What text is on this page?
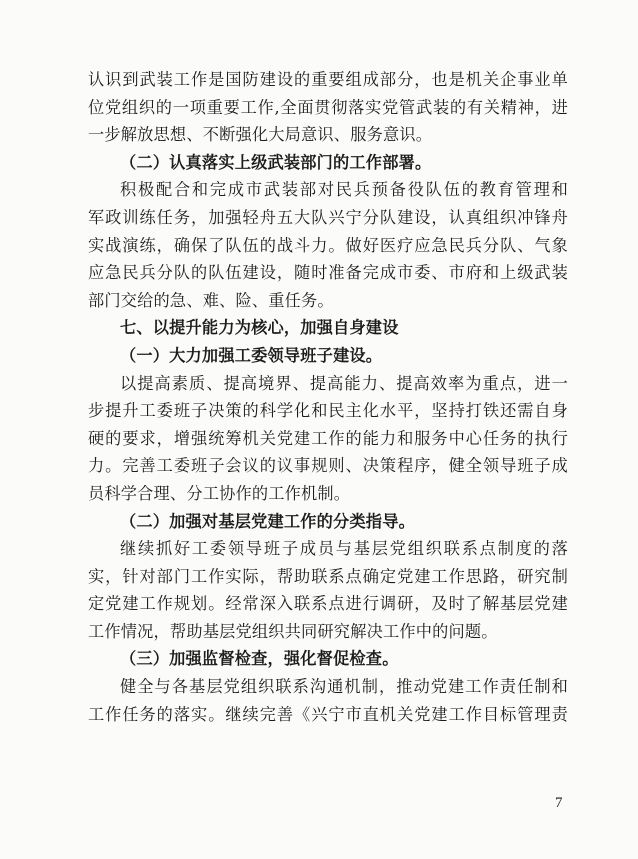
认识到武装工作是国防建设的重要组成部分，也是机关企事业单
位党组织的一项重要工作,全面贯彻落实党管武装的有关精神，进
一步解放思想、不断强化大局意识、服务意识。
（二）认真落实上级武装部门的工作部署。
积极配合和完成市武装部对民兵预备役队伍的教育管理和
军政训练任务，加强轻舟五大队兴宁分队建设，认真组织冲锋舟
实战演练，确保了队伍的战斗力。做好医疗应急民兵分队、气象
应急民兵分队的队伍建设，随时准备完成市委、市府和上级武装
部门交给的急、难、险、重任务。
七、以提升能力为核心，加强自身建设
（一）大力加强工委领导班子建设。
以提高素质、提高境界、提高能力、提高效率为重点，进一
步提升工委班子决策的科学化和民主化水平，坚持打铁还需自身
硬的要求，增强统筹机关党建工作的能力和服务中心任务的执行
力。完善工委班子会议的议事规则、决策程序，健全领导班子成
员科学合理、分工协作的工作机制。
（二）加强对基层党建工作的分类指导。
继续抓好工委领导班子成员与基层党组织联系点制度的落
实，针对部门工作实际，帮助联系点确定党建工作思路，研究制
定党建工作规划。经常深入联系点进行调研，及时了解基层党建
工作情况，帮助基层党组织共同研究解决工作中的问题。
（三）加强监督检查，强化督促检查。
健全与各基层党组织联系沟通机制，推动党建工作责任制和
工作任务的落实。继续完善《兴宁市直机关党建工作目标管理责
7
